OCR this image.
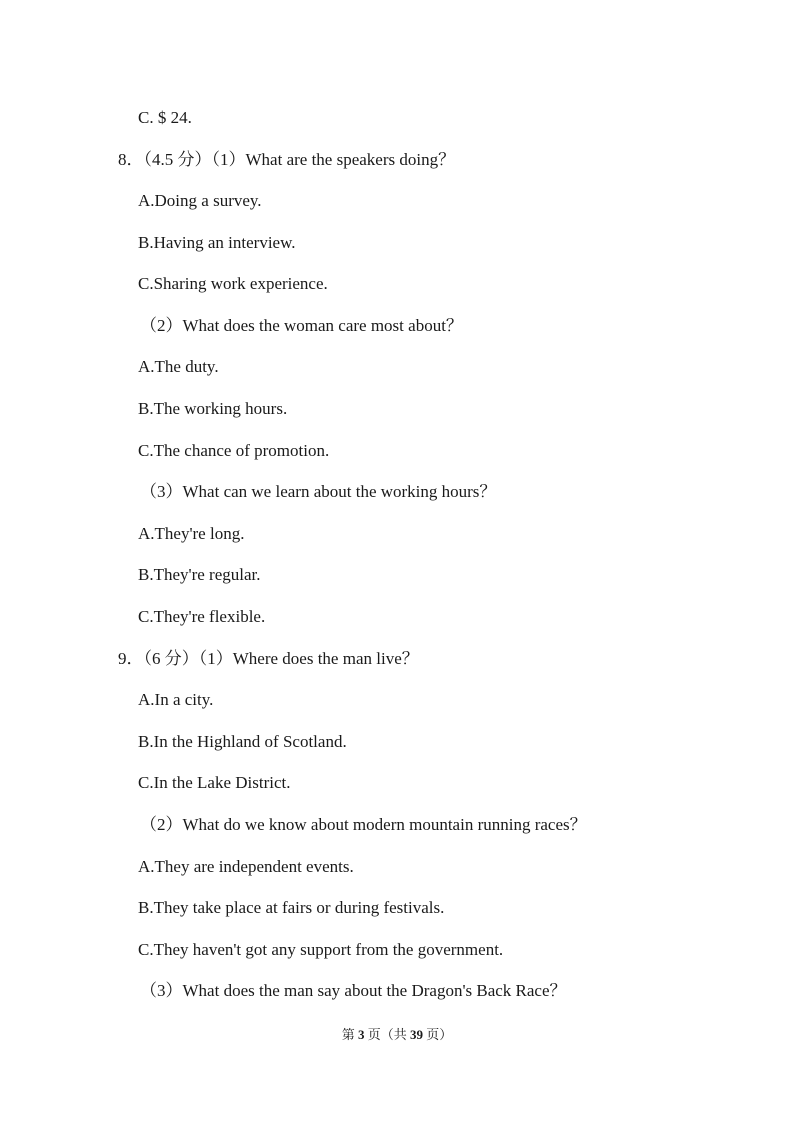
C. $ 24.
8．（4.5 分）（1）What are the speakers doing？
A.Doing a survey.
B.Having an interview.
C.Sharing work experience.
（2）What does the woman care most about？
A.The duty.
B.The working hours.
C.The chance of promotion.
（3）What can we learn about the working hours？
A.They're long.
B.They're regular.
C.They're flexible.
9．（6 分）（1）Where does the man live？
A.In a city.
B.In the Highland of Scotland.
C.In the Lake District.
（2）What do we know about modern mountain running races？
A.They are independent events.
B.They take place at fairs or during festivals.
C.They haven't got any support from the government.
（3）What does the man say about the Dragon's Back Race？
第 3 页（共 39 页）
